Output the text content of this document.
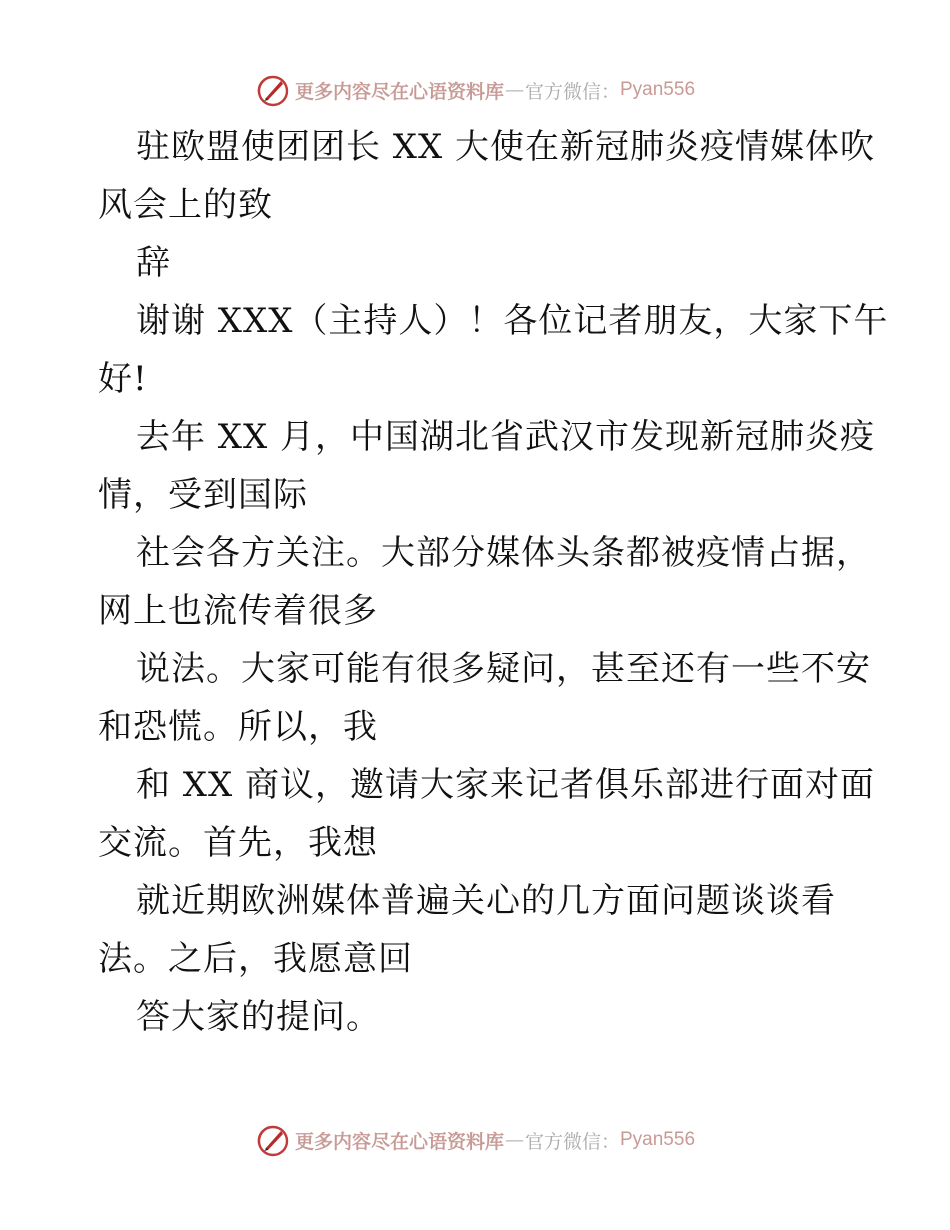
更多内容尽在心语资料库 — 官方微信： Pyan556
驻欧盟使团团长 XX 大使在新冠肺炎疫情媒体吹
风会上的致
辞
谢谢 XXX（主持人）！各位记者朋友，大家下午
好!
去年 XX 月，中国湖北省武汉市发现新冠肺炎疫
情，受到国际
社会各方关注。大部分媒体头条都被疫情占据，
网上也流传着很多
说法。大家可能有很多疑问，甚至还有一些不安
和恐慌。所以，我
和 XX 商议，邀请大家来记者俱乐部进行面对面
交流。首先，我想
就近期欧洲媒体普遍关心的几方面问题谈谈看
法。之后，我愿意回
答大家的提问。
更多内容尽在心语资料库 — 官方微信： Pyan556
